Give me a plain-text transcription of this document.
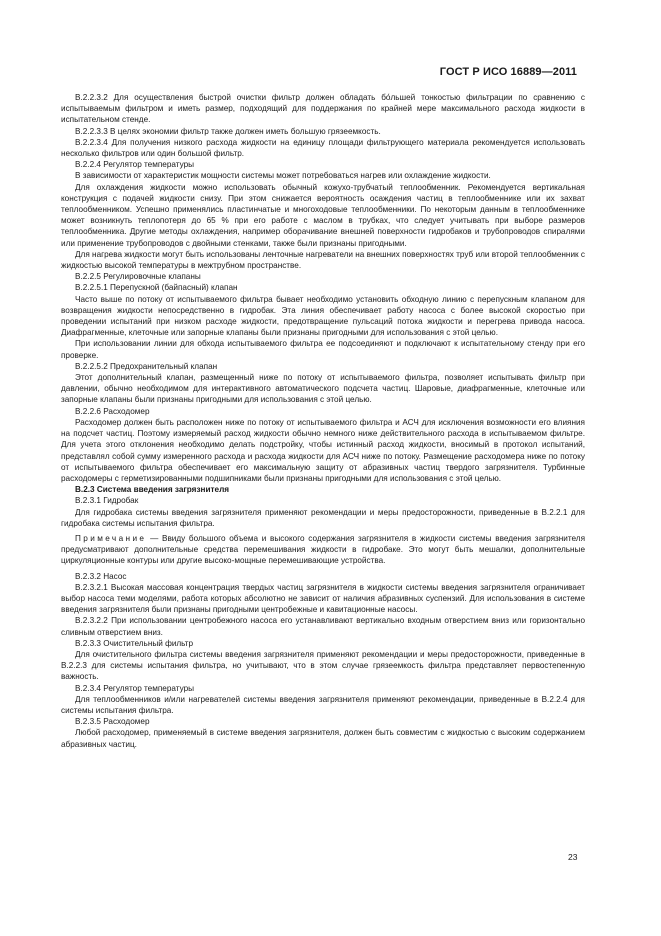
ГОСТ Р ИСО 16889—2011

B.2.2.3.2 Для осуществления быстрой очистки фильтр должен обладать бо́льшей тонкостью фильтрации по сравнению с испытываемым фильтром и иметь размер, подходящий для поддержания по крайней мере максимального расхода жидкости в испытательном стенде.

B.2.2.3.3 В целях экономии фильтр также должен иметь большую грязеемкость.

B.2.2.3.4 Для получения низкого расхода жидкости на единицу площади фильтрующего материала рекомендуется использовать несколько фильтров или один большой фильтр.

B.2.2.4 Регулятор температуры

В зависимости от характеристик мощности системы может потребоваться нагрев или охлаждение жидкости.

Для охлаждения жидкости можно использовать обычный кожухо-трубчатый теплообменник. Рекомендуется вертикальная конструкция с подачей жидкости снизу. При этом снижается вероятность осаждения частиц в теплообменнике или их захват теплообменником. Успешно применялись пластинчатые и многоходовые теплообменники. По некоторым данным в теплообменнике может возникнуть теплопотеря до 65 % при его работе с маслом в трубках, что следует учитывать при выборе размеров теплообменника. Другие методы охлаждения, например оборачивание внешней поверхности гидробаков и трубопроводов спиралями или применение трубопроводов с двойными стенками, также были признаны пригодными.

Для нагрева жидкости могут быть использованы ленточные нагреватели на внешних поверхностях труб или второй теплообменник с жидкостью высокой температуры в межтрубном пространстве.

B.2.2.5 Регулировочные клапаны

B.2.2.5.1 Перепускной (байпасный) клапан

Часто выше по потоку от испытываемого фильтра бывает необходимо установить обходную линию с перепускным клапаном для возвращения жидкости непосредственно в гидробак. Эта линия обеспечивает работу насоса с более высокой скоростью при проведении испытаний при низком расходе жидкости, предотвращение пульсаций потока жидкости и перегрева привода насоса. Диафрагменные, клеточные или запорные клапаны были признаны пригодными для использования с этой целью.

При использовании линии для обхода испытываемого фильтра ее подсоединяют и подключают к испытательному стенду при его проверке.

B.2.2.5.2 Предохранительный клапан

Этот дополнительный клапан, размещенный ниже по потоку от испытываемого фильтра, позволяет испытывать фильтр при давлении, обычно необходимом для интерактивного автоматического подсчета частиц. Шаровые, диафрагменные, клеточные или запорные клапаны были признаны пригодными для использования с этой целью.

B.2.2.6 Расходомер

Расходомер должен быть расположен ниже по потоку от испытываемого фильтра и АСЧ для исключения возможности его влияния на подсчет частиц. Поэтому измеряемый расход жидкости обычно немного ниже действительного расхода в испытываемом фильтре. Для учета этого отклонения необходимо делать подстройку, чтобы истинный расход жидкости, вносимый в протокол испытаний, представлял собой сумму измеренного расхода и расхода жидкости для АСЧ ниже по потоку. Размещение расходомера ниже по потоку от испытываемого фильтра обеспечивает его максимальную защиту от абразивных частиц твердого загрязнителя. Турбинные расходомеры с герметизированными подшипниками были признаны пригодными для использования с этой целью.

B.2.3 Система введения загрязнителя

B.2.3.1 Гидробак

Для гидробака системы введения загрязнителя применяют рекомендации и меры предосторожности, приведенные в B.2.2.1 для гидробака системы испытания фильтра.

Примечание — Ввиду большого объема и высокого содержания загрязнителя в жидкости системы введения загрязнителя предусматривают дополнительные средства перемешивания жидкости в гидробаке. Это могут быть мешалки, дополнительные циркуляционные контуры или другие высоко-мощные перемешивающие устройства.

B.2.3.2 Насос

B.2.3.2.1 Высокая массовая концентрация твердых частиц загрязнителя в жидкости системы введения загрязнителя ограничивает выбор насоса теми моделями, работа которых абсолютно не зависит от наличия абразивных суспензий. Для использования в системе введения загрязнителя были признаны пригодными центробежные и кавитационные насосы.

B.2.3.2.2 При использовании центробежного насоса его устанавливают вертикально входным отверстием вниз или горизонтально сливным отверстием вниз.

B.2.3.3 Очистительный фильтр

Для очистительного фильтра системы введения загрязнителя применяют рекомендации и меры предосторожности, приведенные в B.2.2.3 для системы испытания фильтра, но учитывают, что в этом случае грязеемкость фильтра представляет первостепенную важность.

B.2.3.4 Регулятор температуры

Для теплообменников и/или нагревателей системы введения загрязнителя применяют рекомендации, приведенные в B.2.2.4 для системы испытания фильтра.

B.2.3.5 Расходомер

Любой расходомер, применяемый в системе введения загрязнителя, должен быть совместим с жидкостью с высоким содержанием абразивных частиц.

23
